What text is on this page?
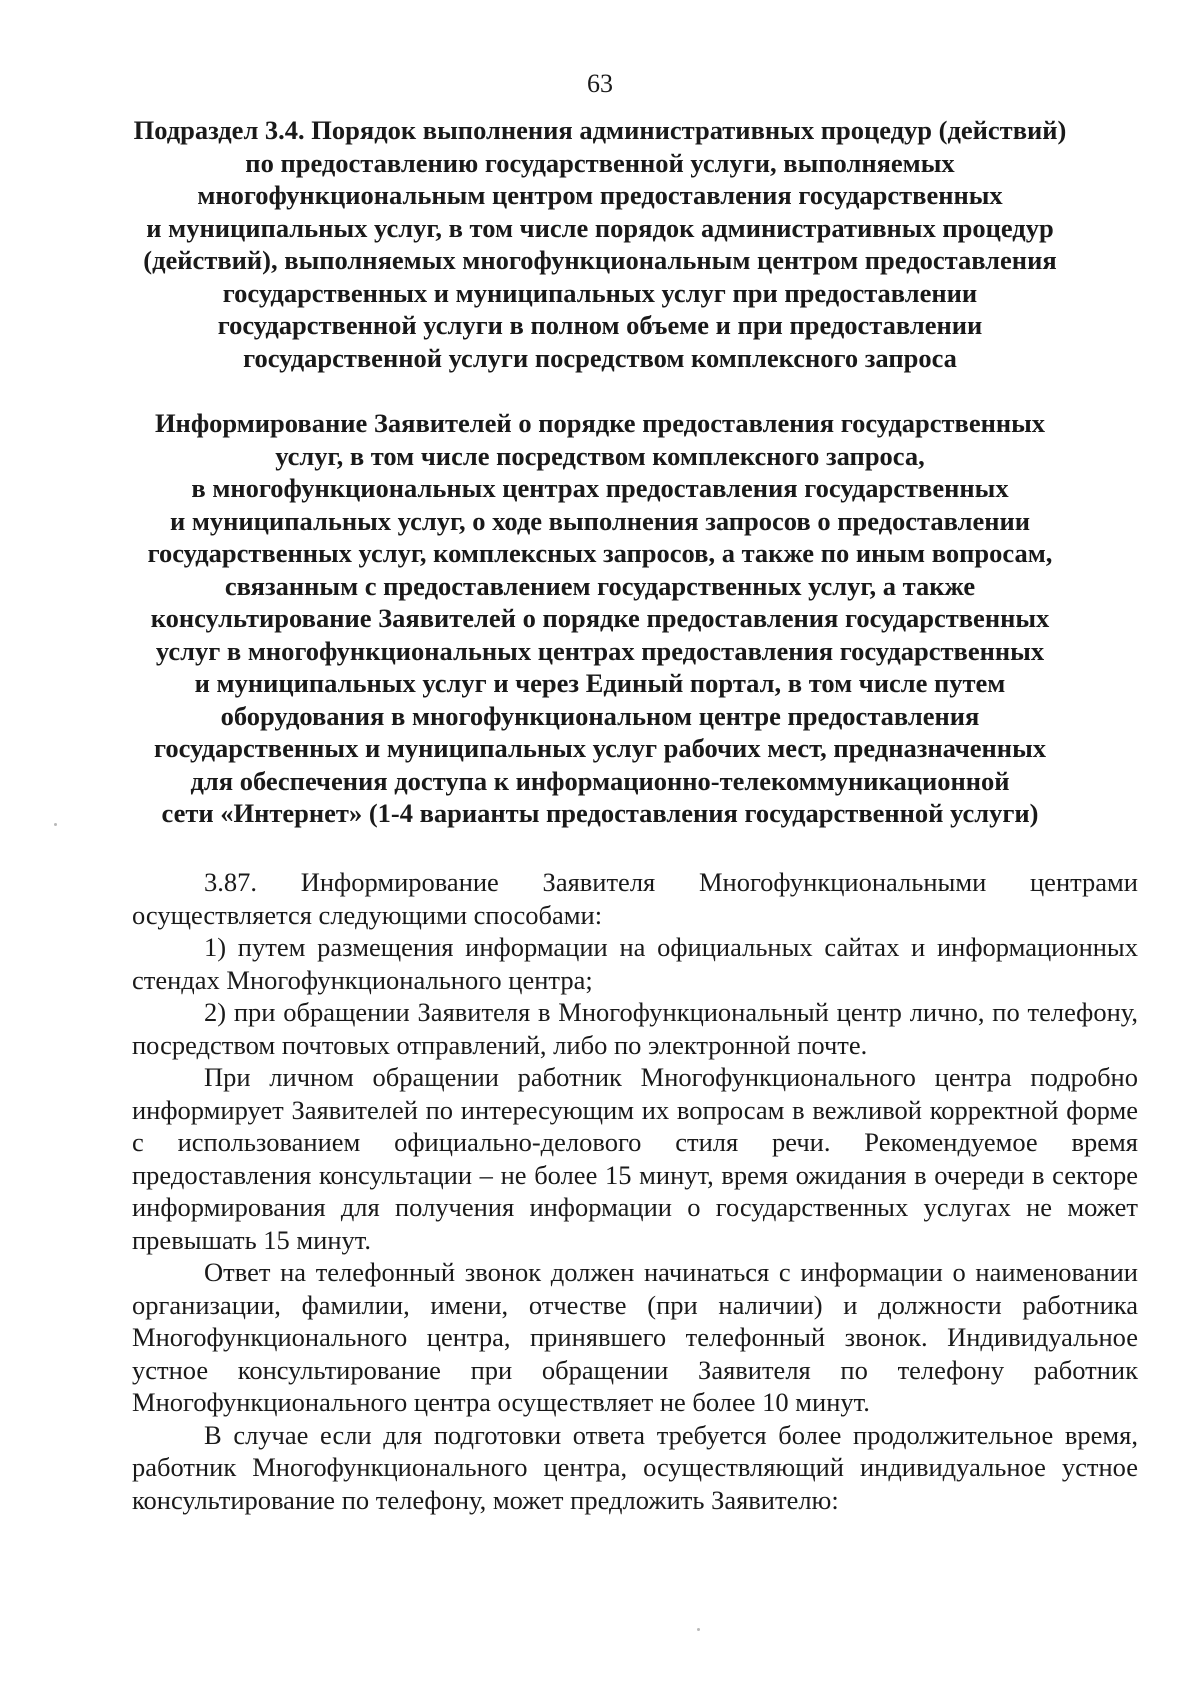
63
Подраздел 3.4. Порядок выполнения административных процедур (действий)
по предоставлению государственной услуги, выполняемых
многофункциональным центром предоставления государственных
и муниципальных услуг, в том числе порядок административных процедур
(действий), выполняемых многофункциональным центром предоставления
государственных и муниципальных услуг при предоставлении
государственной услуги в полном объеме и при предоставлении
государственной услуги посредством комплексного запроса
Информирование Заявителей о порядке предоставления государственных
услуг, в том числе посредством комплексного запроса,
в многофункциональных центрах предоставления государственных
и муниципальных услуг, о ходе выполнения запросов о предоставлении
государственных услуг, комплексных запросов, а также по иным вопросам,
связанным с предоставлением государственных услуг, а также
консультирование Заявителей о порядке предоставления государственных
услуг в многофункциональных центрах предоставления государственных
и муниципальных услуг и через Единый портал, в том числе путем
оборудования в многофункциональном центре предоставления
государственных и муниципальных услуг рабочих мест, предназначенных
для обеспечения доступа к информационно-телекоммуникационной
сети «Интернет» (1-4 варианты предоставления государственной услуги)

3.87. Информирование Заявителя Многофункциональными центрами осуществляется следующими способами:

1) путем размещения информации на официальных сайтах и информационных стендах Многофункционального центра;

2) при обращении Заявителя в Многофункциональный центр лично, по телефону, посредством почтовых отправлений, либо по электронной почте.

При личном обращении работник Многофункционального центра подробно информирует Заявителей по интересующим их вопросам в вежливой корректной форме с использованием официально-делового стиля речи. Рекомендуемое время предоставления консультации – не более 15 минут, время ожидания в очереди в секторе информирования для получения информации о государственных услугах не может превышать 15 минут.

Ответ на телефонный звонок должен начинаться с информации о наименовании организации, фамилии, имени, отчестве (при наличии) и должности работника Многофункционального центра, принявшего телефонный звонок. Индивидуальное устное консультирование при обращении Заявителя по телефону работник Многофункционального центра осуществляет не более 10 минут.

В случае если для подготовки ответа требуется более продолжительное время, работник Многофункционального центра, осуществляющий индивидуальное устное консультирование по телефону, может предложить Заявителю:
